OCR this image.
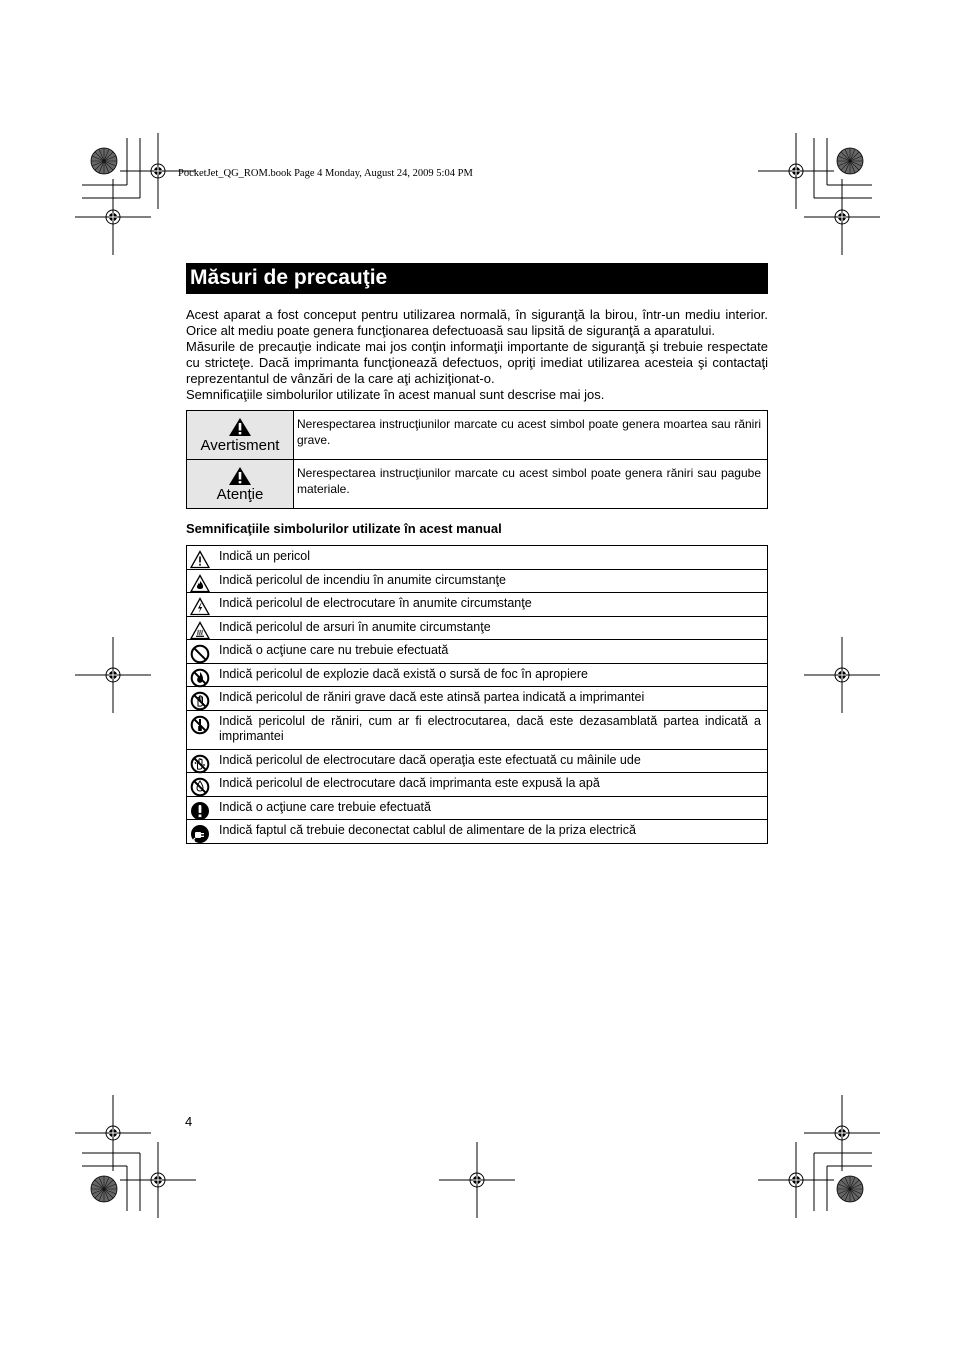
PocketJet_QG_ROM.book Page 4 Monday, August 24, 2009 5:04 PM
Măsuri de precauţie

Acest aparat a fost conceput pentru utilizarea normală, în siguranţă la birou, într-un mediu interior. Orice alt mediu poate genera funcţionarea defectuoasă sau lipsită de siguranţă a aparatului.

Măsurile de precauţie indicate mai jos conţin informaţii importante de siguranţă şi trebuie respectate cu stricteţe. Dacă imprimanta funcţionează defectuos, opriţi imediat utilizarea acesteia şi contactaţi reprezentantul de vânzări de la care aţi achiziţionat-o.

Semnificaţiile simbolurilor utilizate în acest manual sunt descrise mai jos.

Avertisment	Nerespectarea instrucţiunilor marcate cu acest simbol poate genera moartea sau răniri grave.

Atenţie	Nerespectarea instrucţiunilor marcate cu acest simbol poate genera răniri sau pagube materiale.
Semnificaţiile simbolurilor utilizate în acest manual
Indică un pericol

Indică pericolul de incendiu în anumite circumstanţe

Indică pericolul de electrocutare în anumite circumstanţe

Indică pericolul de arsuri în anumite circumstanţe

Indică o acţiune care nu trebuie efectuată

Indică pericolul de explozie dacă există o sursă de foc în apropiere

Indică pericolul de răniri grave dacă este atinsă partea indicată a imprimantei

Indică pericolul de răniri, cum ar fi electrocutarea, dacă este dezasamblată partea indicată a imprimantei

Indică pericolul de electrocutare dacă operaţia este efectuată cu mâinile ude

Indică pericolul de electrocutare dacă imprimanta este expusă la apă

Indică o acţiune care trebuie efectuată

Indică faptul că trebuie deconectat cablul de alimentare de la priza electrică
4
